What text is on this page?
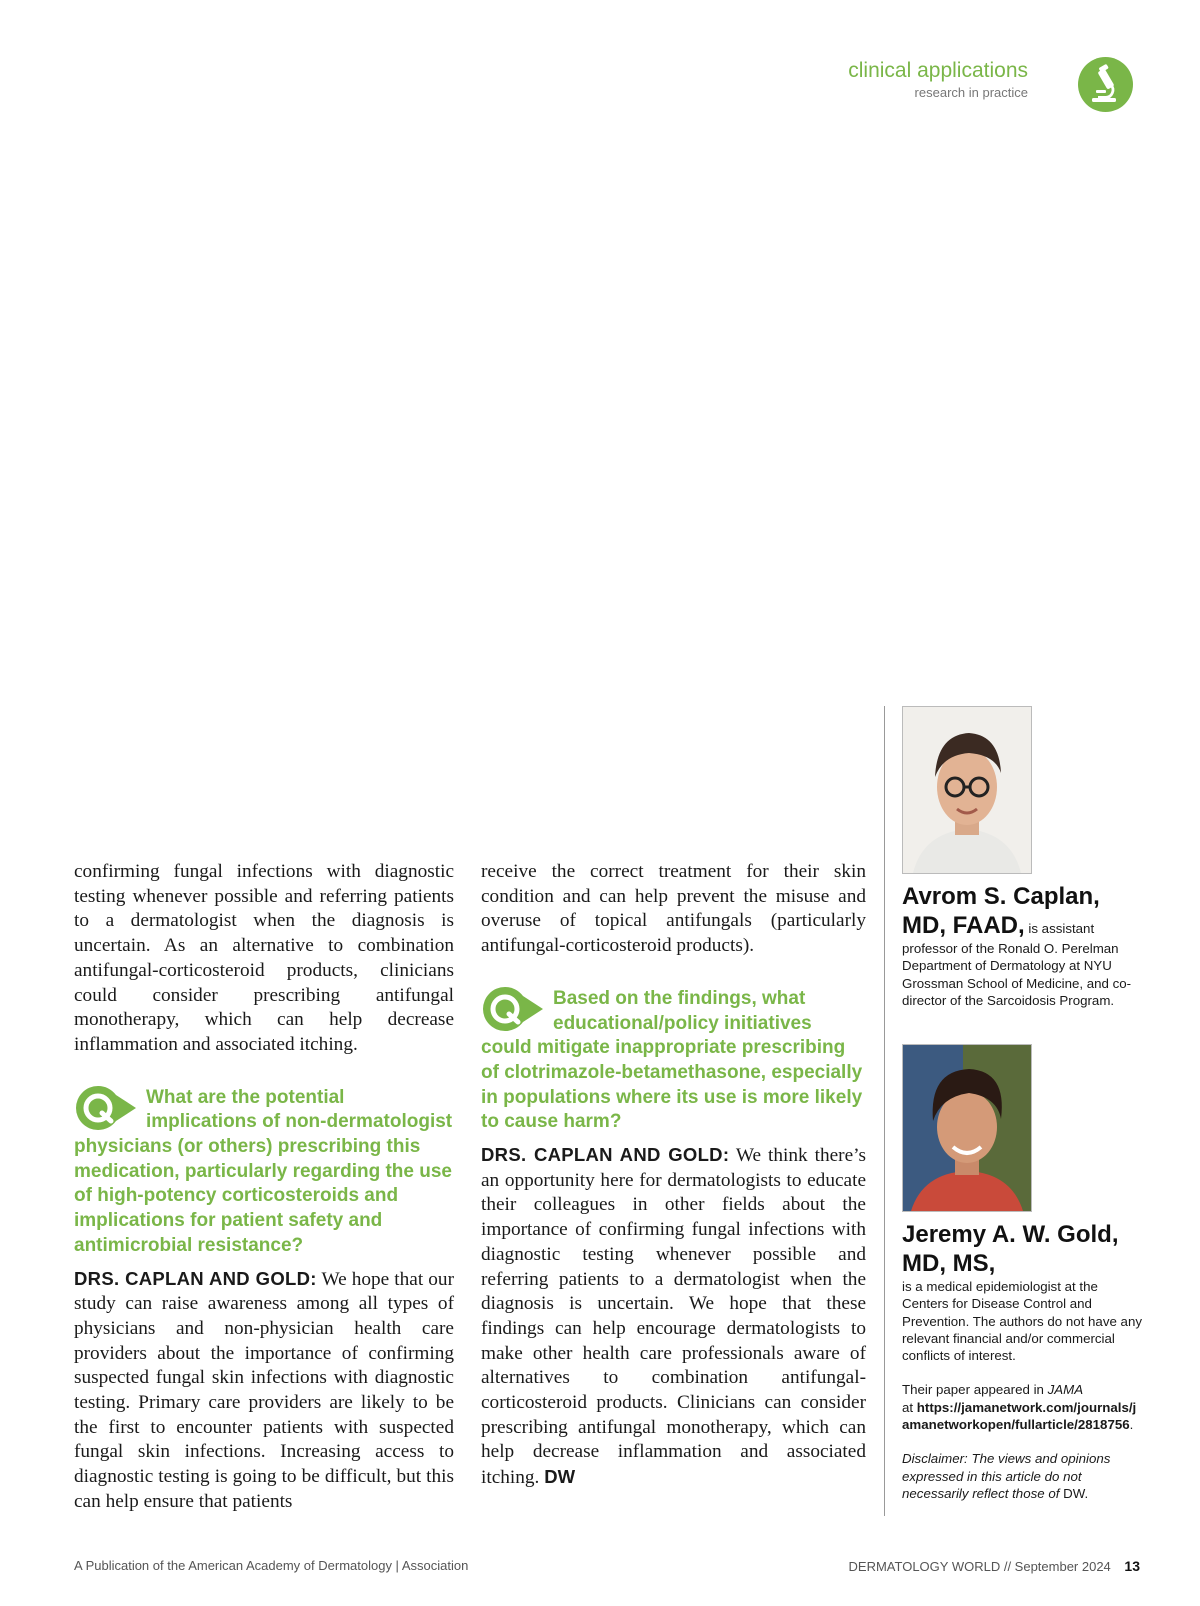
clinical applications
research in practice

confirming fungal infections with diagnostic testing whenever possible and referring patients to a dermatologist when the diagnosis is uncertain. As an alternative to combination antifungal-corticosteroid products, clinicians could consider prescribing antifungal monotherapy, which can help decrease inflammation and associated itching.

What are the potential implications of non-dermatologist physicians (or others) prescribing this medication, particularly regarding the use of high-potency corticosteroids and implications for patient safety and antimicrobial resistance?

DRS. CAPLAN AND GOLD: We hope that our study can raise awareness among all types of physicians and non-physician health care providers about the importance of confirming suspected fungal skin infections with diagnostic testing. Primary care providers are likely to be the first to encounter patients with suspected fungal skin infections. Increasing access to diagnostic testing is going to be difficult, but this can help ensure that patients

receive the correct treatment for their skin condition and can help prevent the misuse and overuse of topical antifungals (particularly antifungal-corticosteroid products).

Based on the findings, what educational/policy initiatives could mitigate inappropriate prescribing of clotrimazole-betamethasone, especially in populations where its use is more likely to cause harm?

DRS. CAPLAN AND GOLD: We think there’s an opportunity here for dermatologists to educate their colleagues in other fields about the importance of confirming fungal infections with diagnostic testing whenever possible and referring patients to a dermatologist when the diagnosis is uncertain. We hope that these findings can help encourage dermatologists to make other health care professionals aware of alternatives to combination antifungal-corticosteroid products. Clinicians can consider prescribing antifungal monotherapy, which can help decrease inflammation and associated itching. DW

Avrom S. Caplan, MD, FAAD, is assistant professor of the Ronald O. Perelman Department of Dermatology at NYU Grossman School of Medicine, and co-director of the Sarcoidosis Program.
Jeremy A. W. Gold, MD, MS,
is a medical epidemiologist at the Centers for Disease Control and Prevention. The authors do not have any relevant financial and/or commercial conflicts of interest.

Their paper appeared in JAMA
at https://jamanetwork.com/journals/jamanetworkopen/fullarticle/2818756.

Disclaimer: The views and opinions expressed in this article do not necessarily reflect those of DW.

A Publication of the American Academy of Dermatology | Association	DERMATOLOGY WORLD // September 2024 13
